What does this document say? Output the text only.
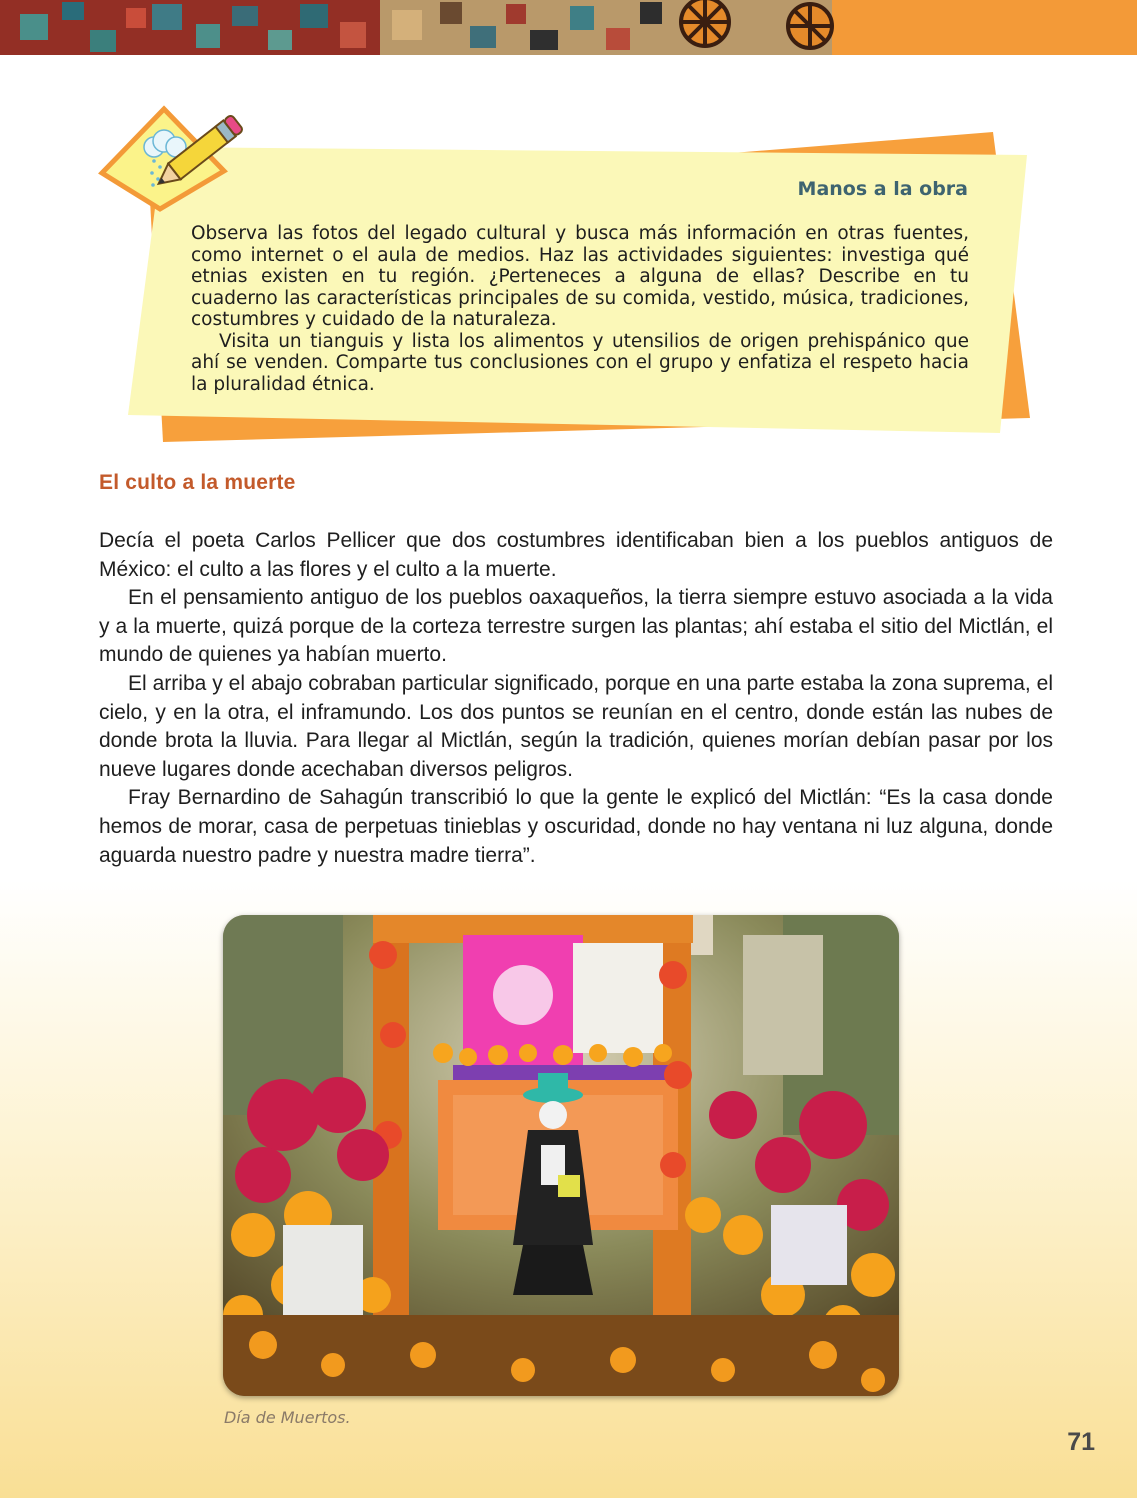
Manos a la obra

Observa las fotos del legado cultural y busca más información en otras fuentes, como internet o el aula de medios. Haz las actividades siguientes: investiga qué etnias existen en tu región. ¿Perteneces a alguna de ellas? Describe en tu cuaderno las características principales de su comida, vestido, música, tradiciones, costumbres y cuidado de la naturaleza.

Visita un tianguis y lista los alimentos y utensilios de origen prehispánico que ahí se venden. Comparte tus conclusiones con el grupo y enfatiza el respeto hacia la pluralidad étnica.

El culto a la muerte

Decía el poeta Carlos Pellicer que dos costumbres identificaban bien a los pueblos antiguos de México: el culto a las flores y el culto a la muerte.

En el pensamiento antiguo de los pueblos oaxaqueños, la tierra siempre estuvo asociada a la vida y a la muerte, quizá porque de la corteza terrestre surgen las plantas; ahí estaba el sitio del Mictlán, el mundo de quienes ya habían muerto.

El arriba y el abajo cobraban particular significado, porque en una parte estaba la zona suprema, el cielo, y en la otra, el inframundo. Los dos puntos se reunían en el centro, donde están las nubes de donde brota la lluvia. Para llegar al Mictlán, según la tradición, quienes morían debían pasar por los nueve lugares donde acechaban diversos peligros.

Fray Bernardino de Sahagún transcribió lo que la gente le explicó del Mictlán: “Es la casa donde hemos de morar, casa de perpetuas tinieblas y oscuridad, donde no hay ventana ni luz alguna, donde aguarda nuestro padre y nuestra madre tierra”.

Día de Muertos.
71
